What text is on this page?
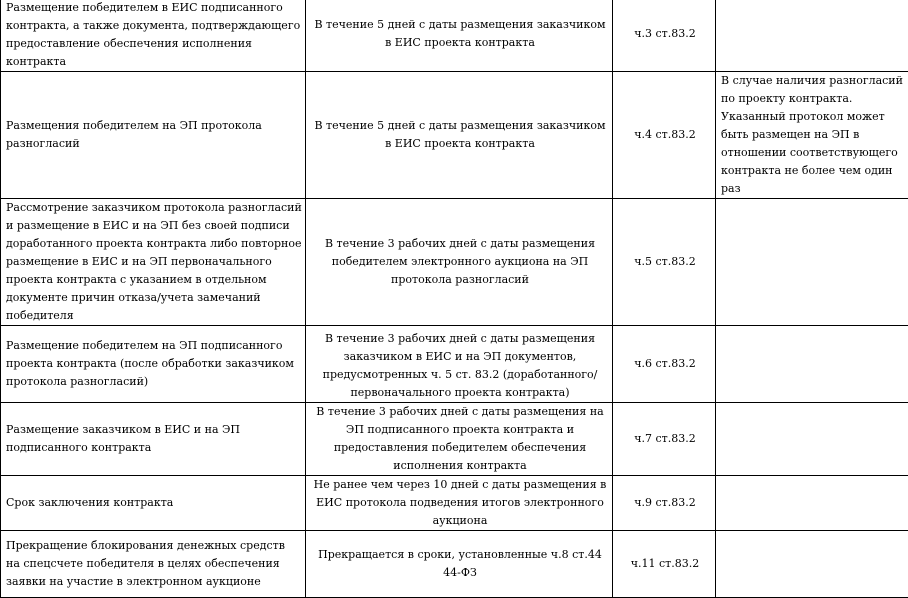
Размещение победителем в ЕИС подписанного контракта, а также документа, подтверждающего предоставление обеспечения исполнения контракта	В течение 5 дней с даты размещения заказчиком в ЕИС проекта контракта	ч.3 ст.83.2	
Размещения победителем на ЭП протокола разногласий	В течение 5 дней с даты размещения заказчиком в ЕИС проекта контракта	ч.4 ст.83.2	В случае наличия разногласий по проекту контракта. Указанный протокол может быть размещен на ЭП в отношении соответствующего контракта не более чем один раз
Рассмотрение заказчиком протокола разногласий и размещение в ЕИС и на ЭП без своей подписи доработанного проекта контракта либо повторное размещение в ЕИС и на ЭП первоначального проекта контракта с указанием в отдельном документе причин отказа/учета замечаний победителя	В течение 3 рабочих дней с даты размещения победителем электронного аукциона на ЭП протокола разногласий	ч.5 ст.83.2	
Размещение победителем на ЭП подписанного проекта контракта (после обработки заказчиком протокола разногласий)	В течение 3 рабочих дней с даты размещения заказчиком в ЕИС и на ЭП документов, предусмотренных ч. 5 ст. 83.2 (доработанного/первоначального проекта контракта)	ч.6 ст.83.2	
Размещение заказчиком в ЕИС и на ЭП подписанного контракта	В течение 3 рабочих дней с даты размещения на ЭП подписанного проекта контракта и предоставления победителем обеспечения исполнения контракта	ч.7 ст.83.2	
Срок заключения контракта	Не ранее чем через 10 дней с даты размещения в ЕИС протокола подведения итогов электронного аукциона	ч.9 ст.83.2	
Прекращение блокирования денежных средств на спецсчете победителя в целях обеспечения заявки на участие в электронном аукционе	Прекращается в сроки, установленные ч.8 ст.44 44-ФЗ	ч.11 ст.83.2	
